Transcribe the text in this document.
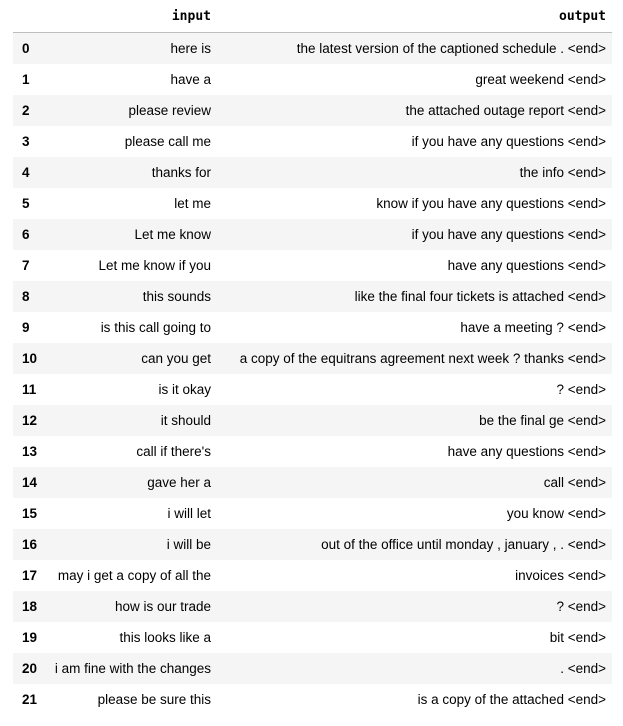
	input	output
0	here is	the latest version of the captioned schedule . <end>
1	have a	great weekend <end>
2	please review	the attached outage report <end>
3	please call me	if you have any questions <end>
4	thanks for	the info <end>
5	let me	know if you have any questions <end>
6	Let me know	if you have any questions <end>
7	Let me know if you	have any questions <end>
8	this sounds	like the final four tickets is attached <end>
9	is this call going to	have a meeting ? <end>
10	can you get	a copy of the equitrans agreement next week ? thanks <end>
11	is it okay	? <end>
12	it should	be the final ge <end>
13	call if there's	have any questions <end>
14	gave her a	call <end>
15	i will let	you know <end>
16	i will be	out of the office until monday , january , . <end>
17	may i get a copy of all the	invoices <end>
18	how is our trade	? <end>
19	this looks like a	bit <end>
20	i am fine with the changes	. <end>
21	please be sure this	is a copy of the attached <end>
